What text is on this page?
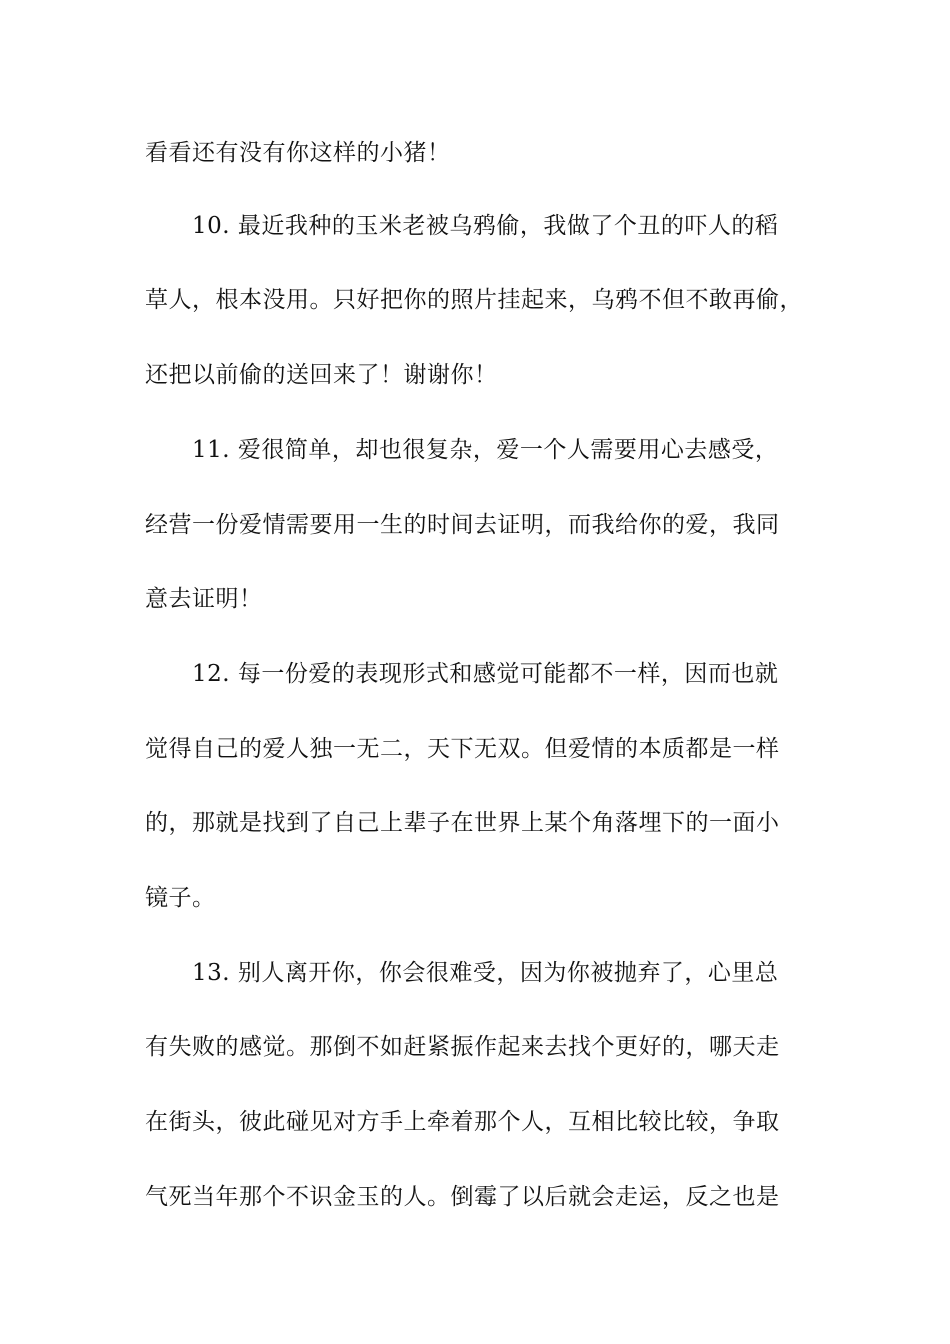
看看还有没有你这样的小猪！
10. 最近我种的玉米老被乌鸦偷，我做了个丑的吓人的稻
草人，根本没用。只好把你的照片挂起来，乌鸦不但不敢再偷，
还把以前偷的送回来了！谢谢你！
11. 爱很简单，却也很复杂，爱一个人需要用心去感受，
经营一份爱情需要用一生的时间去证明，而我给你的爱，我同
意去证明！
12. 每一份爱的表现形式和感觉可能都不一样，因而也就
觉得自己的爱人独一无二，天下无双。但爱情的本质都是一样
的，那就是找到了自己上辈子在世界上某个角落埋下的一面小
镜子。
13. 别人离开你，你会很难受，因为你被抛弃了，心里总
有失败的感觉。那倒不如赶紧振作起来去找个更好的，哪天走
在街头，彼此碰见对方手上牵着那个人，互相比较比较，争取
气死当年那个不识金玉的人。倒霉了以后就会走运，反之也是
